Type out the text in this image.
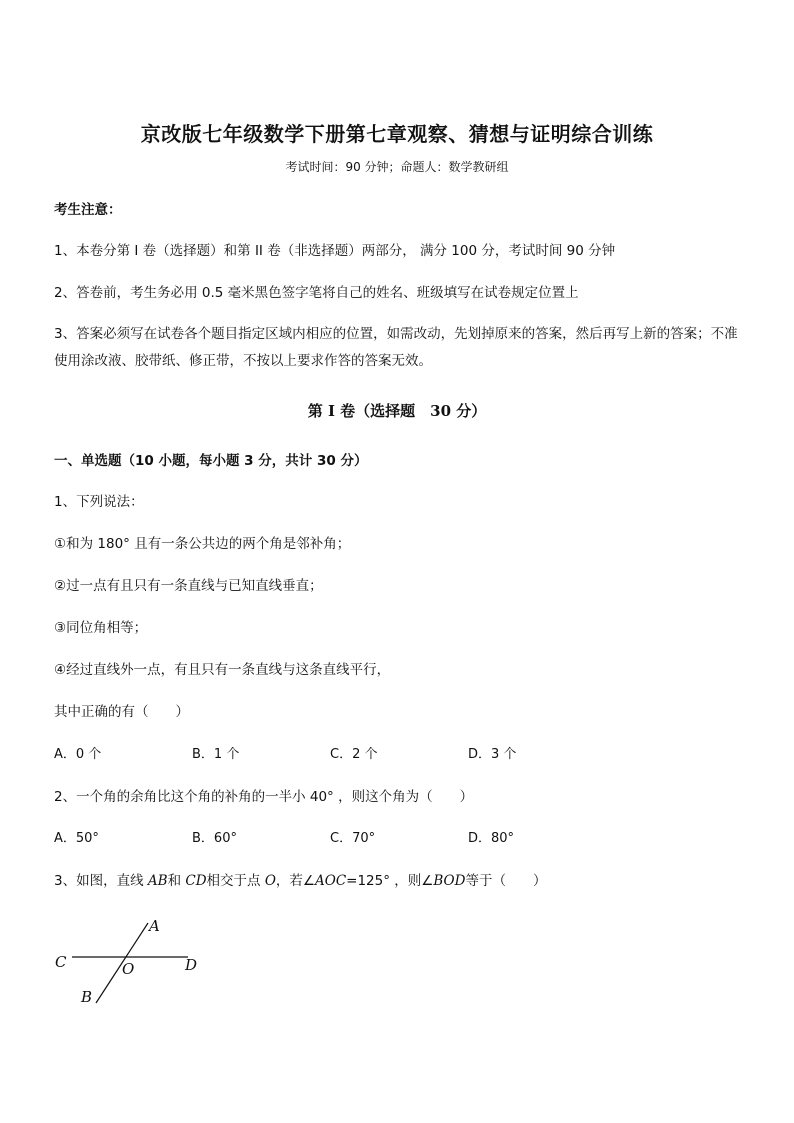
京改版七年级数学下册第七章观察、猜想与证明综合训练
考试时间：90 分钟；命题人：数学教研组
考生注意：
1、本卷分第 I 卷（选择题）和第 II 卷（非选择题）两部分， 满分 100 分，考试时间 90 分钟
2、答卷前，考生务必用 0.5 毫米黑色签字笔将自己的姓名、班级填写在试卷规定位置上
3、答案必须写在试卷各个题目指定区域内相应的位置，如需改动，先划掉原来的答案，然后再写上新的答案；不准使用涂改液、胶带纸、修正带，不按以上要求作答的答案无效。
第 I 卷（选择题　30 分）
一、单选题（10 小题，每小题 3 分，共计 30 分）
1、下列说法：
①和为 180° 且有一条公共边的两个角是邻补角；
②过一点有且只有一条直线与已知直线垂直；
③同位角相等；
④经过直线外一点，有且只有一条直线与这条直线平行，
其中正确的有（　　）
A．0 个	B．1 个	C．2 个	D．3 个
2、一个角的余角比这个角的补角的一半小 40° ，则这个角为（　　）
A．50°	B．60°	C．70°	D．80°
3、如图，直线 AB和 CD相交于点 O，若∠AOC=125° ，则∠BOD等于（　　）
A
B
C	D
O
